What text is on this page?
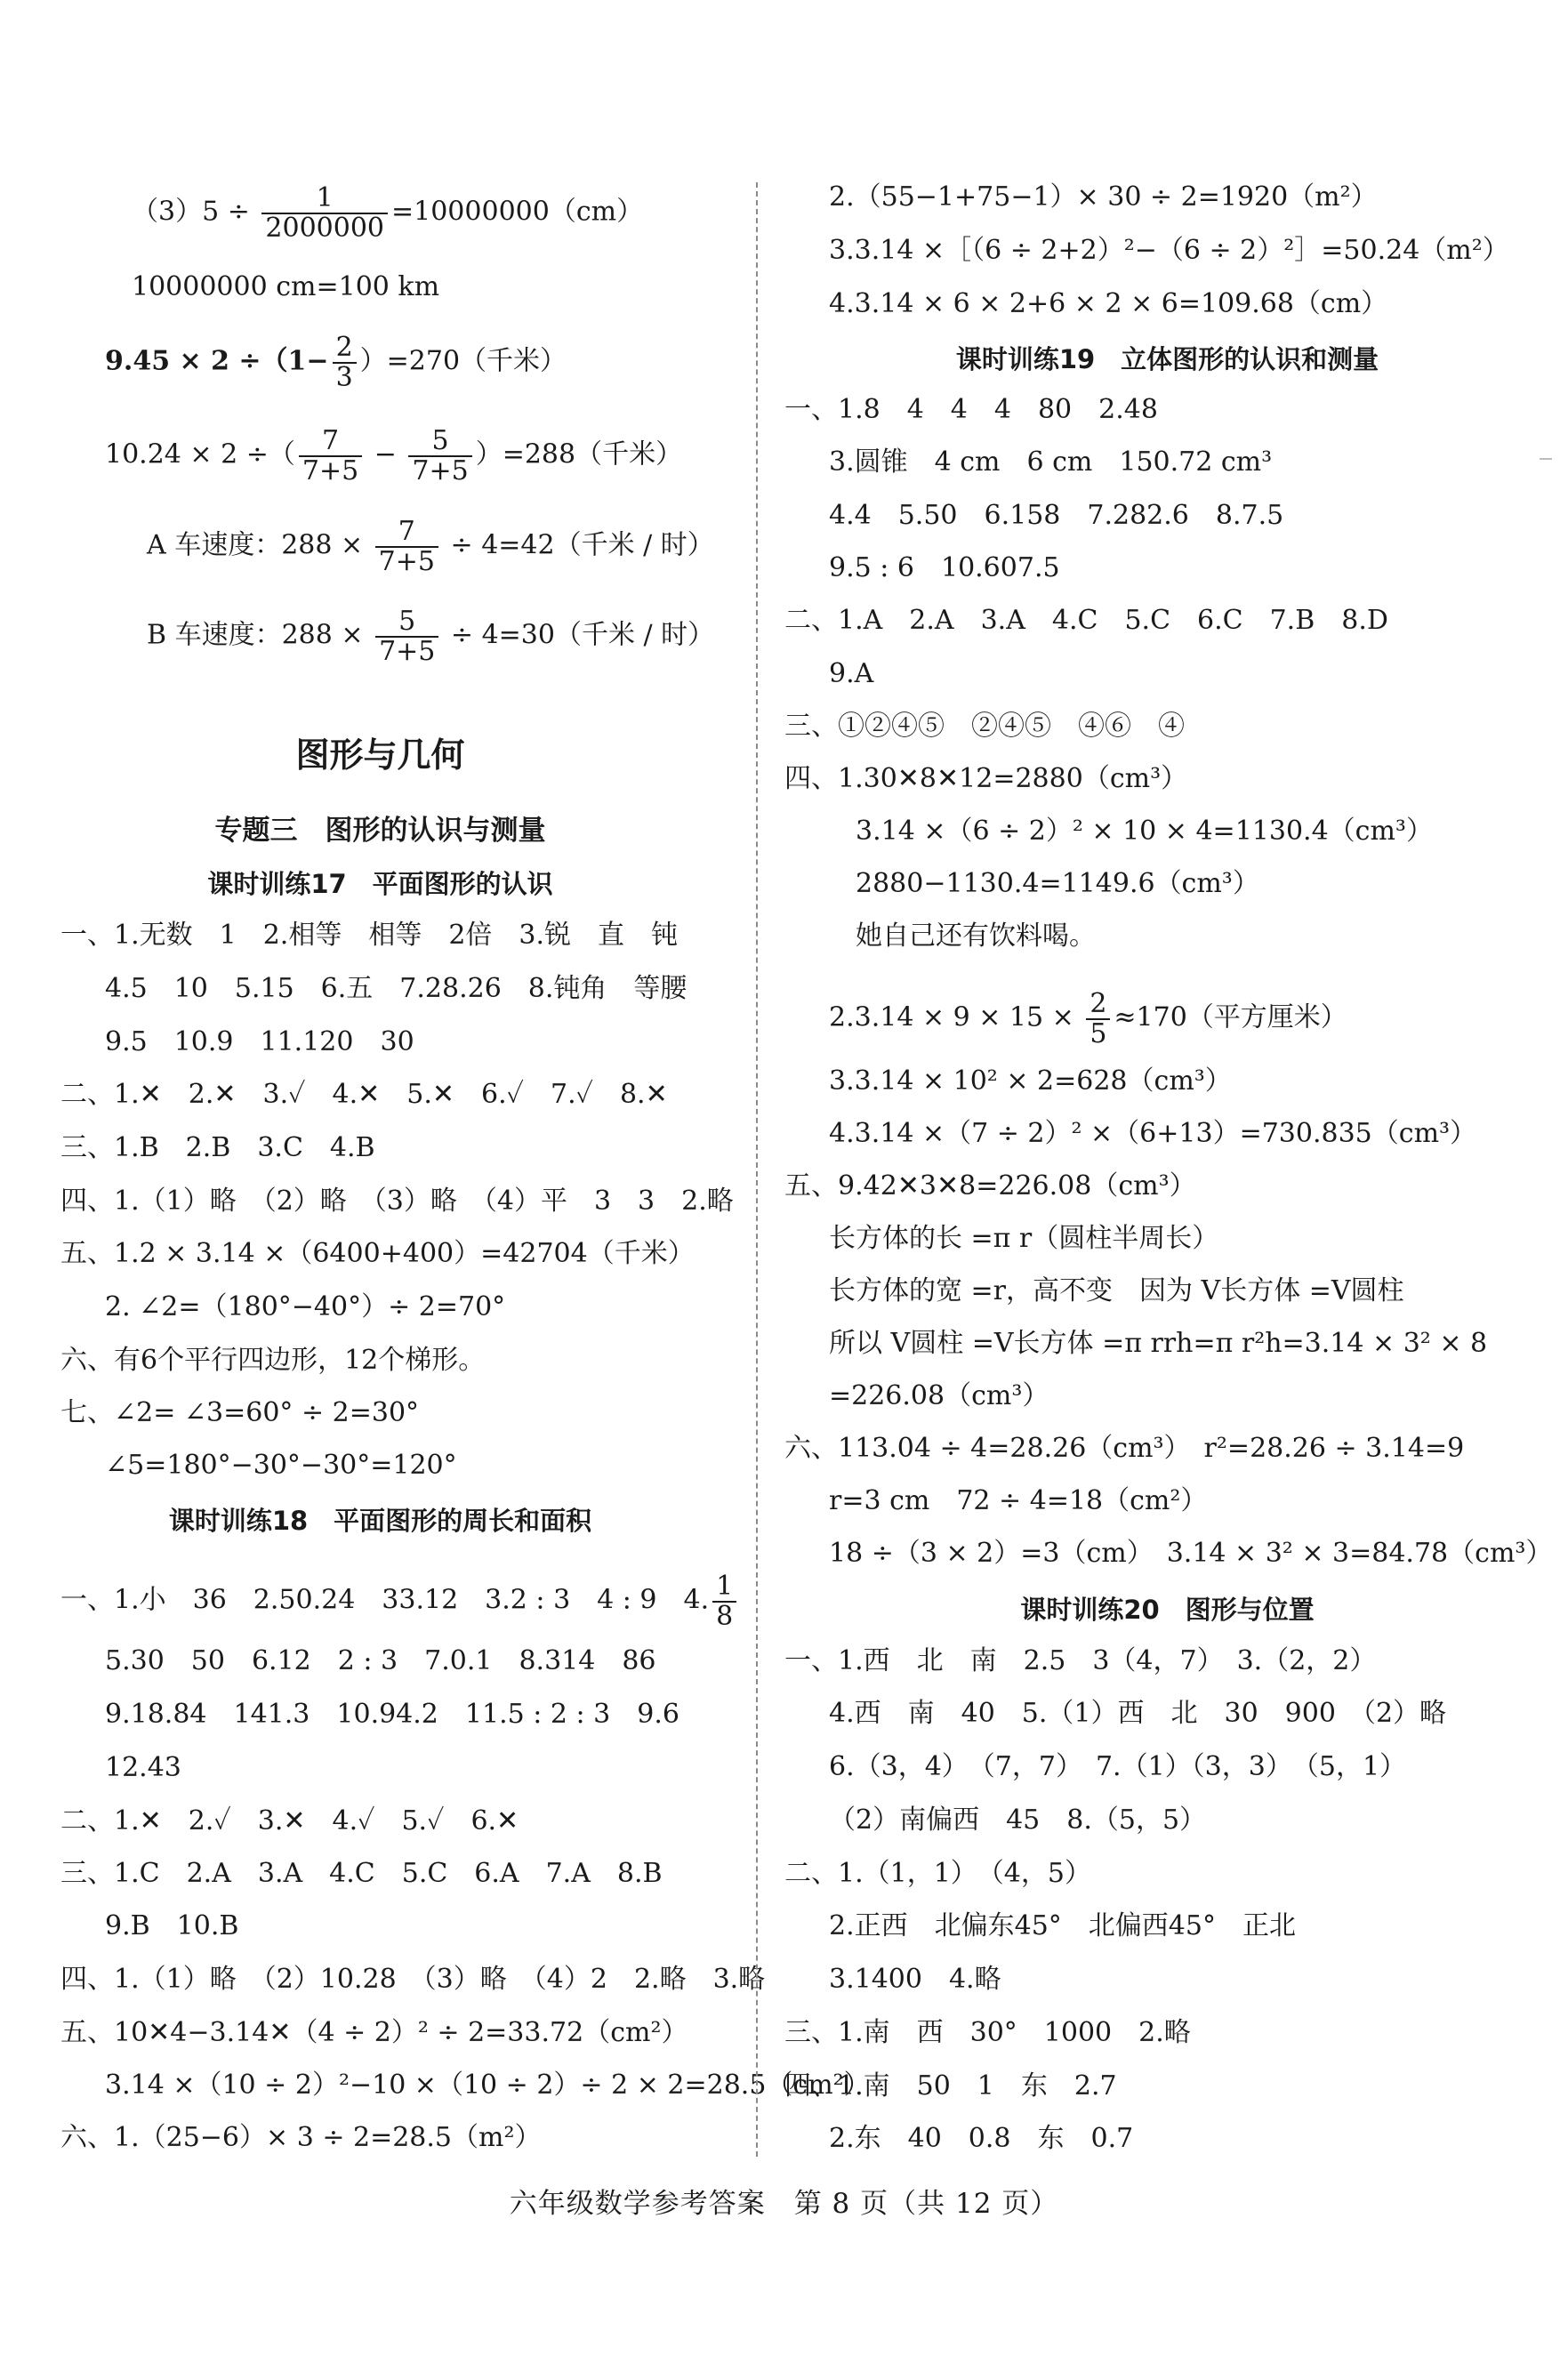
$(3)5 \div \frac{1}{2000000} =10000000(cm)$
10000000 cm=100 km
$9.45 \times 2 \div(1- \frac{2}{3} )=270$（千米）
10.24 × 2 ÷（ $\frac{7}{7+5} - \frac{5}{7+5} )=288$（千米）
A 车速度：$288 \times \frac{7}{7+5} \div 4=42$（千米 / 时）
B 车速度：$288 \times \frac{5}{7+5} \div 4=30$（千米 / 时）
图形与几何
专题三　图形的认识与测量
课时训练17　平面图形的认识
一、1.无数　1　2.相等　相等　2倍　3.锐　直　钝
4.5　10　5.15　6.五　7.28.26　8.钝角　等腰
9.5　10.9　11.120　30
二、1.✕　2.✕　3.✓　4.✕　5.✕　6.✓　7.✓　8.✕
三、1.B　2.B　3.C　4.B
四、1.（1）略　（2）略　（3）略　（4）平　3　3　2.略
五、1.2 × 3.14 ×（6400+400）=42704（千米）
2. ∠2=（180°−40°）÷ 2=70°
六、有6个平行四边形，12个梯形。
七、∠2= ∠3=60° ÷ 2=30°
∠5=180°−30°−30°=120°
课时训练18　平面图形的周长和面积
一、1.小　36　2.50.24　33.12　3.2 : 3　4 : 9　4. $\frac{1}{8}$
5.30　50　6.12　2 : 3　7.0.1　8.314　86
9.18.84　141.3　10.94.2　11.5 : 2 : 3　9.6
12.43
二、1.✕　2.✓　3.✕　4.✓　5.✓　6.✕
三、1.C　2.A　3.A　4.C　5.C　6.A　7.A　8.B
9.B　10.B
四、1.（1）略　（2）10.28　（3）略　（4）2　2.略　3.略
五、10✕4−3.14✕（4 ÷ 2）² ÷ 2=33.72（cm²）
3.14 ×（10 ÷ 2）²−10 ×（10 ÷ 2）÷ 2 × 2=28.5（cm²）
六、1.（25−6）× 3 ÷ 2=28.5（m²）
2.（55−1+75−1）× 30 ÷ 2=1920（m²）
3.3.14 ×［（6 ÷ 2+2）²−（6 ÷ 2）²］=50.24（m²）
4.3.14 × 6 × 2+6 × 2 × 6=109.68（cm）
课时训练19　立体图形的认识和测量
一、1.8　4　4　4　80　2.48
3.圆锥　4 cm　6 cm　150.72 cm³
4.4　5.50　6.158　7.282.6　8.7.5
9.5 : 6　10.607.5
二、1.A　2.A　3.A　4.C　5.C　6.C　7.B　8.D
9.A
三、①②④⑤　②④⑤　④⑥　④
四、1.30✕8✕12=2880（cm³）
3.14 ×（6 ÷ 2）² × 10 × 4=1130.4（cm³）
2880−1130.4=1149.6（cm³）
她自己还有饮料喝。
$2.3.14 \times 9 \times 15 \times \frac{2}{5} \approx 170$（平方厘米）
3.3.14 × 10² × 2=628（cm³）
4.3.14 ×（7 ÷ 2）² ×（6+13）=730.835（cm³）
五、9.42✕3✕8=226.08（cm³）
长方体的长 =π r（圆柱半周长）
长方体的宽 =r，高不变　因为 V长方体 =V圆柱
所以 V圆柱 =V长方体 =π rrh=π r²h=3.14 × 3² × 8
=226.08（cm³）
六、113.04 ÷ 4=28.26（cm³）　r²=28.26 ÷ 3.14=9
r=3 cm　72 ÷ 4=18（cm²）
18 ÷（3 × 2）=3（cm）　3.14 × 3² × 3=84.78（cm³）
课时训练20　图形与位置
一、1.西　北　南　2.5　3（4，7）　3.（2，2）
4.西　南　40　5.（1）西　北　30　900　（2）略
6.（3，4）　（7，7）　7.（1）（3，3）　（5，1）
（2）南偏西　45　8.（5，5）
二、1.（1，1）　（4，5）
2.正西　北偏东45°　北偏西45°　正北
3.1400　4.略
三、1.南　西　30°　1000　2.略
四、1.南　50　1　东　2.7
2.东　40　0.8　东　0.7
六年级数学参考答案　第 8 页（共 12 页）
